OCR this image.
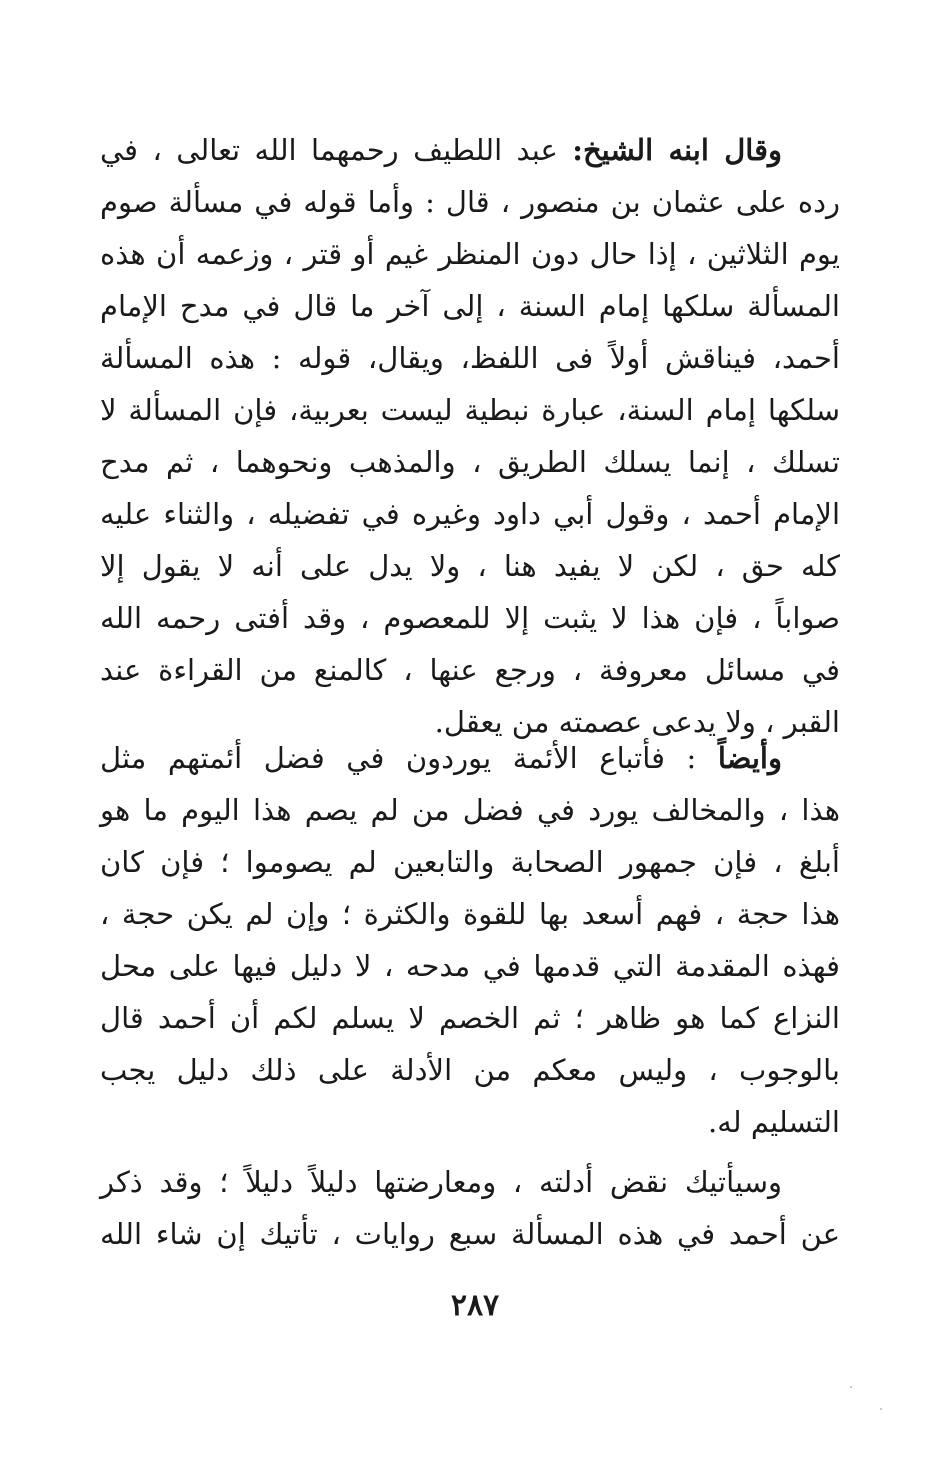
وقال ابنه الشيخ: عبد اللطيف رحمهما الله تعالى ، في
رده على عثمان بن منصور ، قال : وأما قوله في مسألة صوم
يوم الثلاثين ، إذا حال دون المنظر غيم أو قتر ، وزعمه أن هذه
المسألة سلكها إمام السنة ، إلى آخر ما قال في مدح الإمام
أحمد، فيناقش أولاً فى اللفظ، ويقال، قوله : هذه المسألة
سلكها إمام السنة، عبارة نبطية ليست بعربية، فإن المسألة لا
تسلك ، إنما يسلك الطريق ، والمذهب ونحوهما ، ثم مدح
الإمام أحمد ، وقول أبي داود وغيره في تفضيله ، والثناء عليه
كله حق ، لكن لا يفيد هنا ، ولا يدل على أنه لا يقول إلا
صواباً ، فإن هذا لا يثبت إلا للمعصوم ، وقد أفتى رحمه الله
في مسائل معروفة ، ورجع عنها ، كالمنع من القراءة عند
القبر ، ولا يدعى عصمته من يعقل.
وأيضاً : فأتباع الأئمة يوردون في فضل أئمتهم مثل
هذا ، والمخالف يورد في فضل من لم يصم هذا اليوم ما هو
أبلغ ، فإن جمهور الصحابة والتابعين لم يصوموا ؛ فإن كان
هذا حجة ، فهم أسعد بها للقوة والكثرة ؛ وإن لم يكن حجة ،
فهذه المقدمة التي قدمها في مدحه ، لا دليل فيها على محل
النزاع كما هو ظاهر ؛ ثم الخصم لا يسلم لكم أن أحمد قال
بالوجوب ، وليس معكم من الأدلة على ذلك دليل يجب
التسليم له.
وسيأتيك نقض أدلته ، ومعارضتها دليلاً دليلاً ؛ وقد ذكر
عن أحمد في هذه المسألة سبع روايات ، تأتيك إن شاء الله
٢٨٧
